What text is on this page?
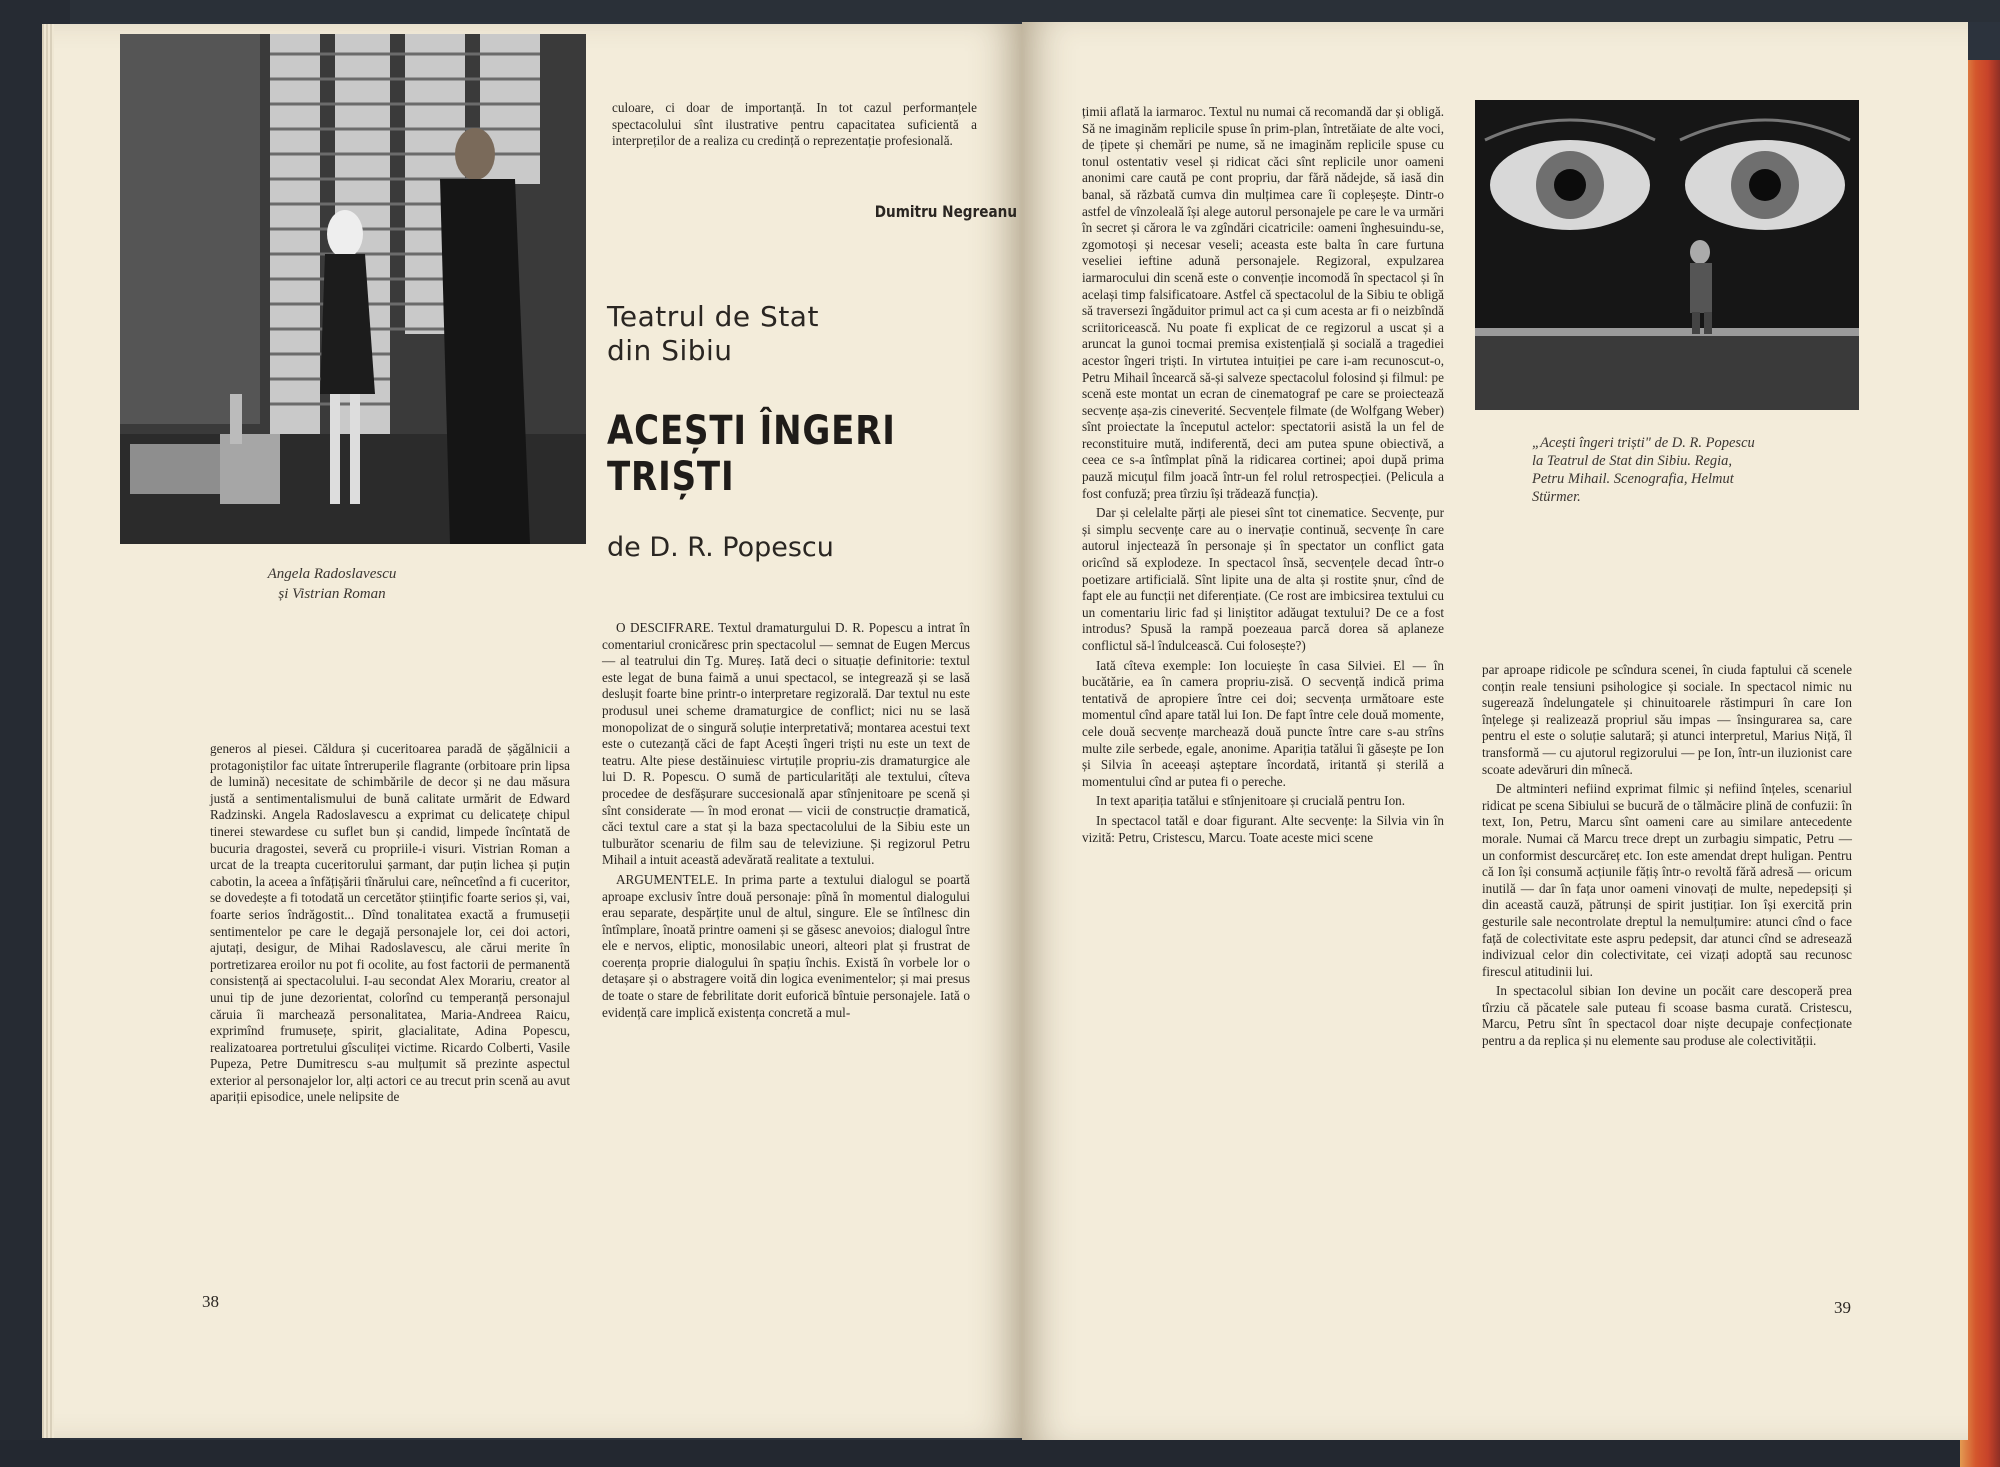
Angela Radoslavescu
și Vistrian Roman

generos al piesei. Căldura și cuceritoarea paradă de șăgălnicii a protagoniștilor fac uitate întreruperile flagrante (orbitoare prin lipsa de lumină) necesitate de schimbările de decor și ne dau măsura justă a sentimentalismului de bună calitate urmărit de Edward Radzinski. Angela Radoslavescu a exprimat cu delicatețe chipul tinerei stewardese cu suflet bun și candid, limpede încîntată de bucuria dragostei, severă cu propriile-i visuri. Vistrian Roman a urcat de la treapta cuceritorului șarmant, dar puțin lichea și puțin cabotin, la aceea a înfățișării tînărului care, neîncetînd a fi cuceritor, se dovedește a fi totodată un cercetător științific foarte serios și, vai, foarte serios îndrăgostit... Dînd tonalitatea exactă a frumuseții sentimentelor pe care le degajă personajele lor, cei doi actori, ajutați, desigur, de Mihai Radoslavescu, ale cărui merite în portretizarea eroilor nu pot fi ocolite, au fost factorii de permanentă consistență ai spectacolului. I-au secondat Alex Morariu, creator al unui tip de june dezorientat, colorînd cu temperanță personajul căruia îi marchează personalitatea, Maria-Andreea Raicu, exprimînd frumusețe, spirit, glacialitate, Adina Popescu, realizatoarea portretului gîsculiței victime. Ricardo Colberti, Vasile Pupeza, Petre Dumitrescu s-au mulțumit să prezinte aspectul exterior al personajelor lor, alți actori ce au trecut prin scenă au avut apariții episodice, unele nelipsite de

culoare, ci doar de importanță. In tot cazul performanțele spectacolului sînt ilustrative pentru capacitatea suficientă a interpreților de a realiza cu credință o reprezentație profesională.

Dumitru Negreanu
Teatrul de Stat
din Sibiu
ACEȘTI ÎNGERI
TRIȘTI
de D. R. Popescu

O DESCIFRARE. Textul dramaturgului D. R. Popescu a intrat în comentariul cronicăresc prin spectacolul — semnat de Eugen Mercus — al teatrului din Tg. Mureș. Iată deci o situație definitorie: textul este legat de buna faimă a unui spectacol, se integrează și se lasă deslușit foarte bine printr-o interpretare regizorală. Dar textul nu este produsul unei scheme dramaturgice de conflict; nici nu se lasă monopolizat de o singură soluție interpretativă; montarea acestui text este o cutezanță căci de fapt Acești îngeri triști nu este un text de teatru. Alte piese destăinuiesc virtuțile propriu-zis dramaturgice ale lui D. R. Popescu. O sumă de particularități ale textului, cîteva procedee de desfășurare succesională apar stînjenitoare pe scenă și sînt considerate — în mod eronat — vicii de construcție dramatică, căci textul care a stat și la baza spectacolului de la Sibiu este un tulburător scenariu de film sau de televiziune. Și regizorul Petru Mihail a intuit această adevărată realitate a textului.

ARGUMENTELE. In prima parte a textului dialogul se poartă aproape exclusiv între două personaje: pînă în momentul dialogului erau separate, despărțite unul de altul, singure. Ele se întîlnesc din întîmplare, înoată printre oameni și se găsesc anevoios; dialogul între ele e nervos, eliptic, monosilabic uneori, alteori plat și frustrat de coerența proprie dialogului în spațiu închis. Există în vorbele lor o detașare și o abstragere voită din logica evenimentelor; și mai presus de toate o stare de febrilitate dorit euforică bîntuie personajele. Iată o evidență care implică existența concretă a mul-

38

țimii aflată la iarmaroc. Textul nu numai că recomandă dar și obligă. Să ne imaginăm replicile spuse în prim-plan, întretăiate de alte voci, de țipete și chemări pe nume, să ne imaginăm replicile spuse cu tonul ostentativ vesel și ridicat căci sînt replicile unor oameni anonimi care caută pe cont propriu, dar fără nădejde, să iasă din banal, să răzbată cumva din mulțimea care îi copleșește. Dintr-o astfel de vînzoleală își alege autorul personajele pe care le va urmări în secret și cărora le va zgîndări cicatricile: oameni înghesuindu-se, zgomotoși și necesar veseli; aceasta este balta în care furtuna veseliei ieftine adună personajele. Regizoral, expulzarea iarmarocului din scenă este o convenție incomodă în spectacol și în același timp falsificatoare. Astfel că spectacolul de la Sibiu te obligă să traversezi îngăduitor primul act ca și cum acesta ar fi o neizbîndă scriitoricească. Nu poate fi explicat de ce regizorul a uscat și a aruncat la gunoi tocmai premisa existențială și socială a tragediei acestor îngeri triști. In virtutea intuiției pe care i-am recunoscut-o, Petru Mihail încearcă să-și salveze spectacolul folosind și filmul: pe scenă este montat un ecran de cinematograf pe care se proiectează secvențe așa-zis cineverité. Secvențele filmate (de Wolfgang Weber) sînt proiectate la începutul actelor: spectatorii asistă la un fel de reconstituire mută, indiferentă, deci am putea spune obiectivă, a ceea ce s-a întîmplat pînă la ridicarea cortinei; apoi după prima pauză micuțul film joacă într-un fel rolul retrospecției. (Pelicula a fost confuză; prea tîrziu își trădează funcția).

Dar și celelalte părți ale piesei sînt tot cinematice. Secvențe, pur și simplu secvențe care au o inervație continuă, secvențe în care autorul injectează în personaje și în spectator un conflict gata oricînd să explodeze. In spectacol însă, secvențele decad într-o poetizare artificială. Sînt lipite una de alta și rostite șnur, cînd de fapt ele au funcții net diferențiate. (Ce rost are imbicsirea textului cu un comentariu liric fad și liniștitor adăugat textului? De ce a fost introdus? Spusă la rampă poezeaua parcă dorea să aplaneze conflictul să-l îndulcească. Cui folosește?)

Iată cîteva exemple: Ion locuiește în casa Silviei. El — în bucătărie, ea în camera propriu-zisă. O secvență indică prima tentativă de apropiere între cei doi; secvența următoare este momentul cînd apare tatăl lui Ion. De fapt între cele două momente, cele două secvențe marchează două puncte între care s-au strîns multe zile serbede, egale, anonime. Apariția tatălui îi găsește pe Ion și Silvia în aceeași așteptare încordată, iritantă și sterilă a momentului cînd ar putea fi o pereche.

In text apariția tatălui e stînjenitoare și crucială pentru Ion.

In spectacol tatăl e doar figurant. Alte secvențe: la Silvia vin în vizită: Petru, Cristescu, Marcu. Toate aceste mici scene

„Acești îngeri triști" de D. R. Popescu
la Teatrul de Stat din Sibiu. Regia,
Petru Mihail. Scenografia, Helmut
Stürmer.

par aproape ridicole pe scîndura scenei, în ciuda faptului că scenele conțin reale tensiuni psihologice și sociale. In spectacol nimic nu sugerează îndelungatele și chinuitoarele răstimpuri în care Ion înțelege și realizează propriul său impas — însingurarea sa, care pentru el este o soluție salutară; și atunci interpretul, Marius Niță, îl transformă — cu ajutorul regizorului — pe Ion, într-un iluzionist care scoate adevăruri din mînecă.

De altminteri nefiind exprimat filmic și nefiind înțeles, scenariul ridicat pe scena Sibiului se bucură de o tălmăcire plină de confuzii: în text, Ion, Petru, Marcu sînt oameni care au similare antecedente morale. Numai că Marcu trece drept un zurbagiu simpatic, Petru — un conformist descurcăreț etc. Ion este amendat drept huligan. Pentru că Ion își consumă acțiunile fățiș într-o revoltă fără adresă — oricum inutilă — dar în fața unor oameni vinovați de multe, nepedepsiți și din această cauză, pătrunși de spirit justițiar. Ion își exercită prin gesturile sale necontrolate dreptul la nemulțumire: atunci cînd o face față de colectivitate este aspru pedepsit, dar atunci cînd se adresează indivizual celor din colectivitate, cei vizați adoptă sau recunosc firescul atitudinii lui.

In spectacolul sibian Ion devine un pocăit care descoperă prea tîrziu că păcatele sale puteau fi scoase basma curată. Cristescu, Marcu, Petru sînt în spectacol doar niște decupaje confecționate pentru a da replica și nu elemente sau produse ale colectivității.

39
